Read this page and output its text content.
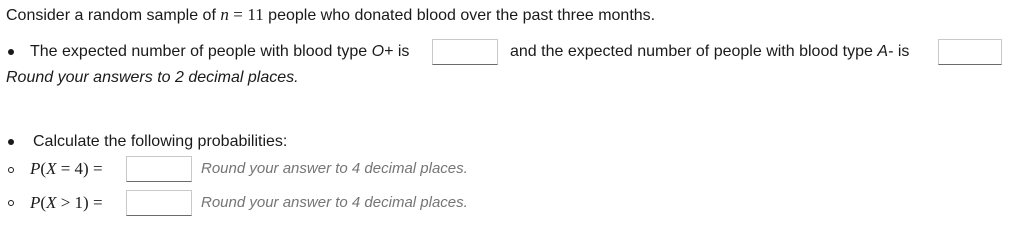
Consider a random sample of n = 11 people who donated blood over the past three months.
The expected number of people with blood type O+ is	and the expected number of people with blood type A- is
Round your answers to 2 decimal places.
Calculate the following probabilities:
P(X = 4) =	Round your answer to 4 decimal places.
P(X > 1) =	Round your answer to 4 decimal places.
